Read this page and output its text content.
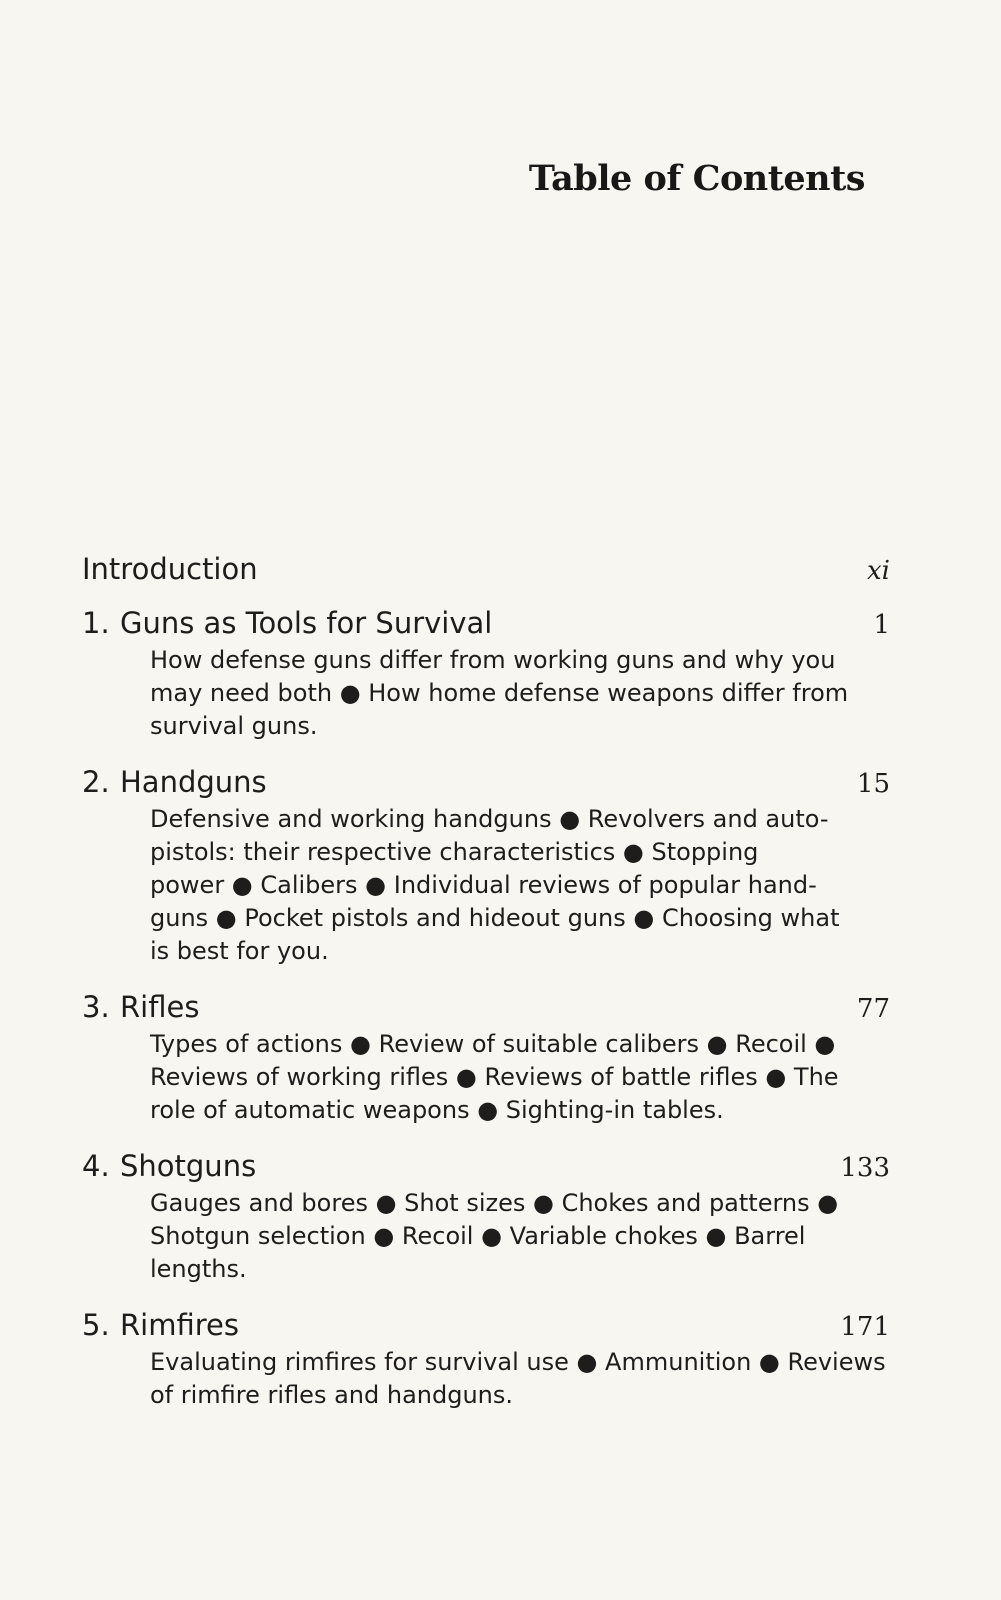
Table of Contents
Introduction	xi
1. Guns as Tools for Survival	1
How defense guns differ from working guns and why you
may need both ● How home defense weapons differ from
survival guns.
2. Handguns	15
Defensive and working handguns ● Revolvers and auto-
pistols: their respective characteristics ● Stopping
power ● Calibers ● Individual reviews of popular hand-
guns ● Pocket pistols and hideout guns ● Choosing what
is best for you.
3. Rifles	77
Types of actions ● Review of suitable calibers ● Recoil ●
Reviews of working rifles ● Reviews of battle rifles ● The
role of automatic weapons ● Sighting-in tables.
4. Shotguns	133
Gauges and bores ● Shot sizes ● Chokes and patterns ●
Shotgun selection ● Recoil ● Variable chokes ● Barrel
lengths.
5. Rimfires	171
Evaluating rimfires for survival use ● Ammunition ● Reviews
of rimfire rifles and handguns.
